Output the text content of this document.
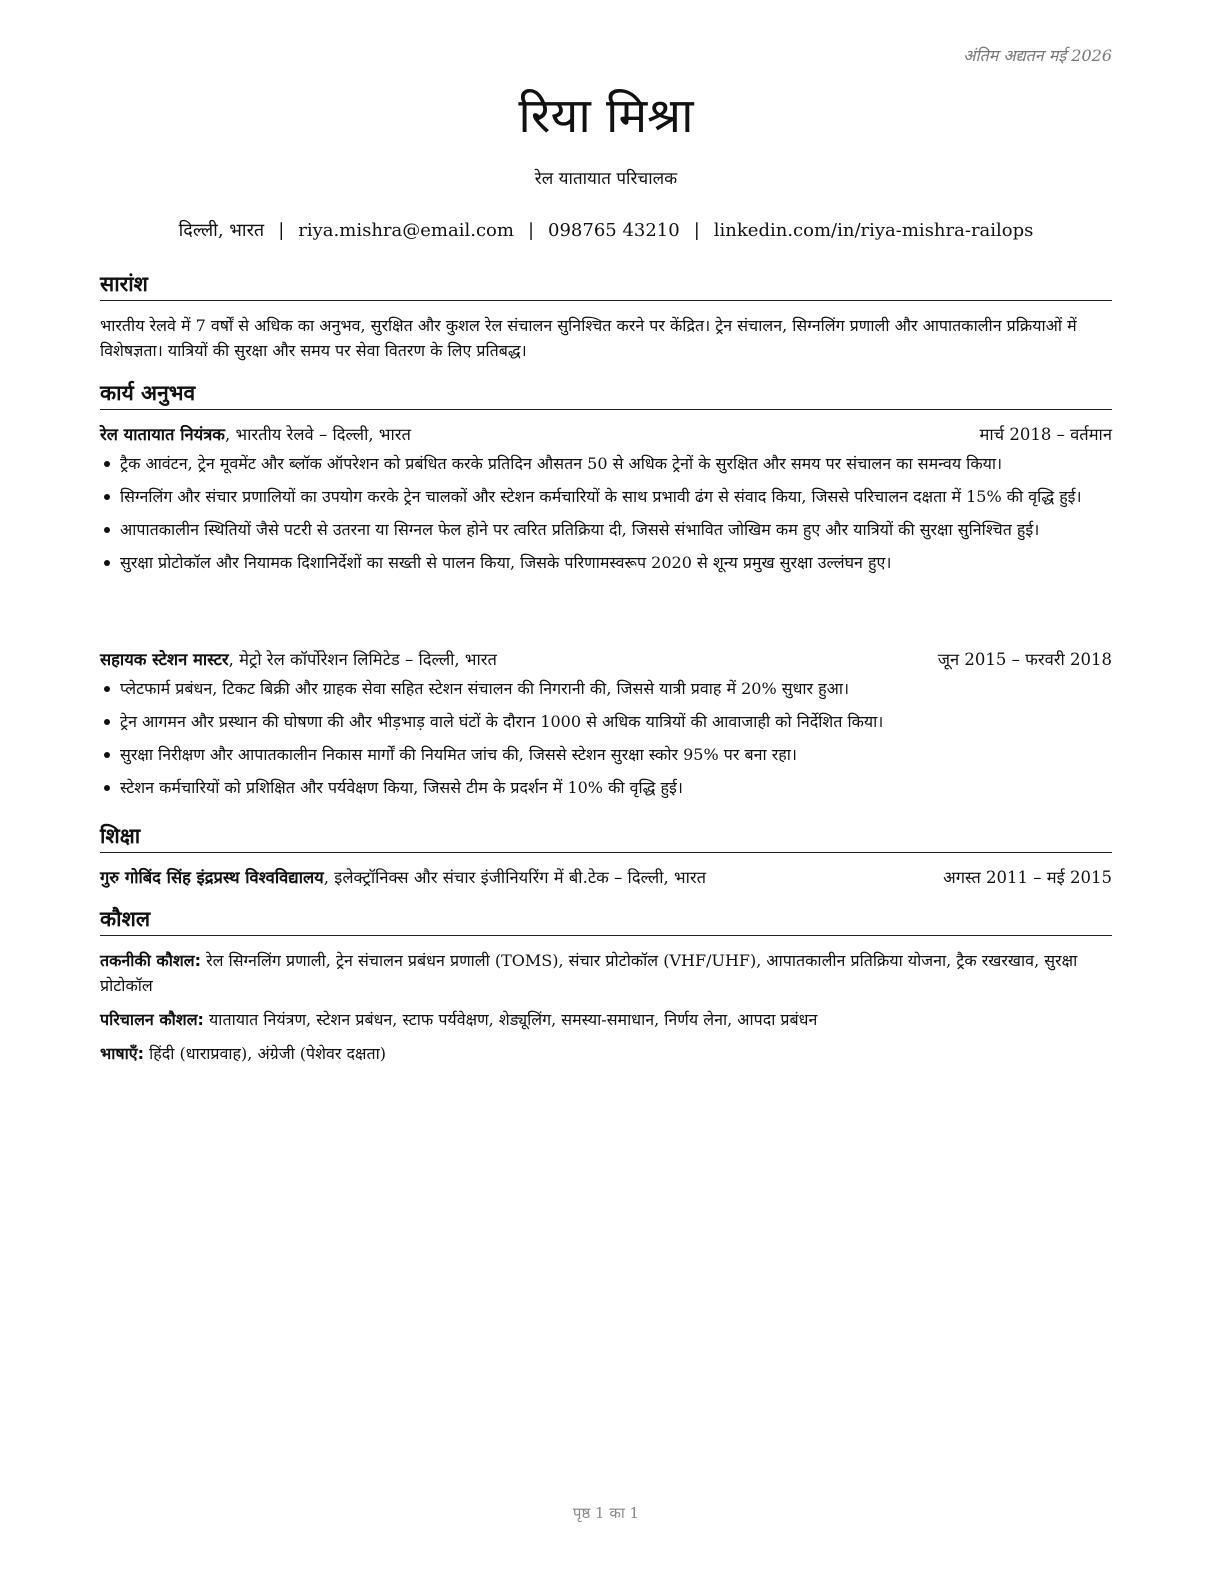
अंतिम अद्यतन मई 2026
रिया मिश्रा
रेल यातायात परिचालक
दिल्ली, भारत | riya.mishra@email.com | 098765 43210 | linkedin.com/in/riya-mishra-railops
सारांश
भारतीय रेलवे में 7 वर्षों से अधिक का अनुभव, सुरक्षित और कुशल रेल संचालन सुनिश्चित करने पर केंद्रित। ट्रेन संचालन, सिग्नलिंग प्रणाली और आपातकालीन प्रक्रियाओं में विशेषज्ञता। यात्रियों की सुरक्षा और समय पर सेवा वितरण के लिए प्रतिबद्ध।
कार्य अनुभव
रेल यातायात नियंत्रक, भारतीय रेलवे – दिल्ली, भारत	मार्च 2018 – वर्तमान
ट्रैक आवंटन, ट्रेन मूवमेंट और ब्लॉक ऑपरेशन को प्रबंधित करके प्रतिदिन औसतन 50 से अधिक ट्रेनों के सुरक्षित और समय पर संचालन का समन्वय किया।
सिग्नलिंग और संचार प्रणालियों का उपयोग करके ट्रेन चालकों और स्टेशन कर्मचारियों के साथ प्रभावी ढंग से संवाद किया, जिससे परिचालन दक्षता में 15% की वृद्धि हुई।
आपातकालीन स्थितियों जैसे पटरी से उतरना या सिग्नल फेल होने पर त्वरित प्रतिक्रिया दी, जिससे संभावित जोखिम कम हुए और यात्रियों की सुरक्षा सुनिश्चित हुई।
सुरक्षा प्रोटोकॉल और नियामक दिशानिर्देशों का सख्ती से पालन किया, जिसके परिणामस्वरूप 2020 से शून्य प्रमुख सुरक्षा उल्लंघन हुए।
सहायक स्टेशन मास्टर, मेट्रो रेल कॉर्पोरेशन लिमिटेड – दिल्ली, भारत	जून 2015 – फरवरी 2018
प्लेटफार्म प्रबंधन, टिकट बिक्री और ग्राहक सेवा सहित स्टेशन संचालन की निगरानी की, जिससे यात्री प्रवाह में 20% सुधार हुआ।
ट्रेन आगमन और प्रस्थान की घोषणा की और भीड़भाड़ वाले घंटों के दौरान 1000 से अधिक यात्रियों की आवाजाही को निर्देशित किया।
सुरक्षा निरीक्षण और आपातकालीन निकास मार्गों की नियमित जांच की, जिससे स्टेशन सुरक्षा स्कोर 95% पर बना रहा।
स्टेशन कर्मचारियों को प्रशिक्षित और पर्यवेक्षण किया, जिससे टीम के प्रदर्शन में 10% की वृद्धि हुई।
शिक्षा
गुरु गोबिंद सिंह इंद्रप्रस्थ विश्वविद्यालय, इलेक्ट्रॉनिक्स और संचार इंजीनियरिंग में बी.टेक – दिल्ली, भारत	अगस्त 2011 – मई 2015
कौशल
तकनीकी कौशल: रेल सिग्नलिंग प्रणाली, ट्रेन संचालन प्रबंधन प्रणाली (TOMS), संचार प्रोटोकॉल (VHF/UHF), आपातकालीन प्रतिक्रिया योजना, ट्रैक रखरखाव, सुरक्षा प्रोटोकॉल
परिचालन कौशल: यातायात नियंत्रण, स्टेशन प्रबंधन, स्टाफ पर्यवेक्षण, शेड्यूलिंग, समस्या-समाधान, निर्णय लेना, आपदा प्रबंधन
भाषाएँ: हिंदी (धाराप्रवाह), अंग्रेजी (पेशेवर दक्षता)
पृष्ठ 1 का 1
